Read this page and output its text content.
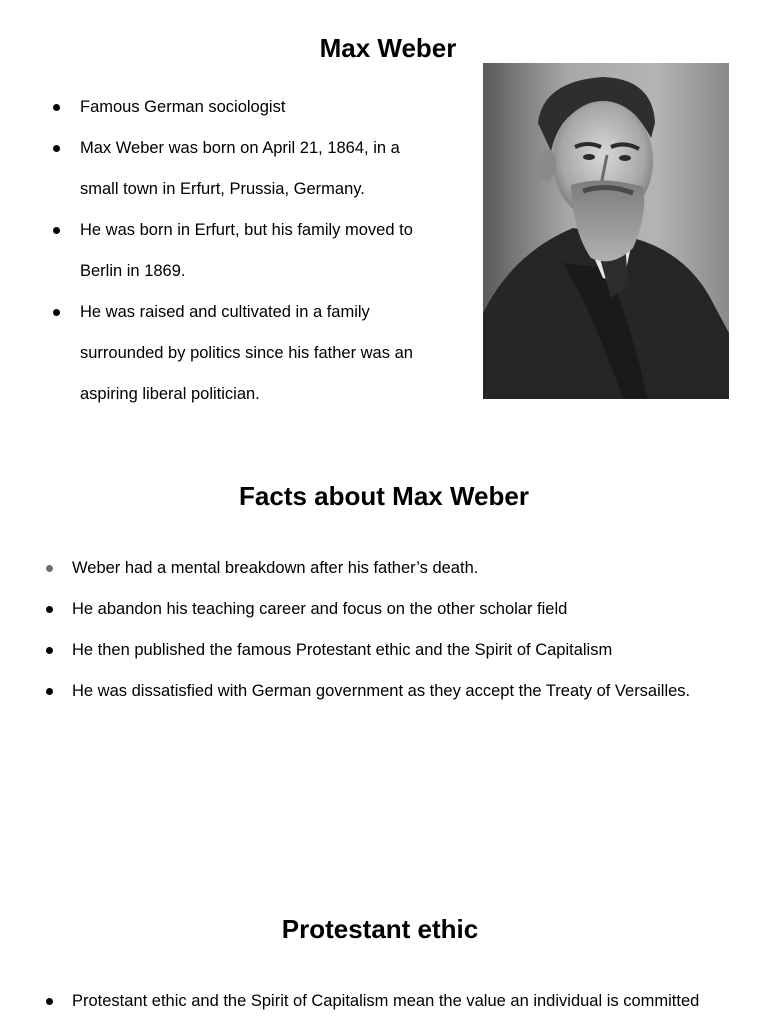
Max Weber
Famous German sociologist
Max Weber was born on April 21, 1864, in a small town in Erfurt, Prussia, Germany.
He was born in Erfurt, but his family moved to Berlin in 1869.
He was raised and cultivated in a family surrounded by politics since his father was an aspiring liberal politician.
Facts about Max Weber
Weber had a mental breakdown after his father’s death.
He abandon his teaching career and focus on the other scholar field
He then published the famous Protestant ethic and the Spirit of Capitalism
He was dissatisfied with German government as they accept the Treaty of Versailles.
Protestant ethic
Protestant ethic and the Spirit of Capitalism mean the value an individual is committed
